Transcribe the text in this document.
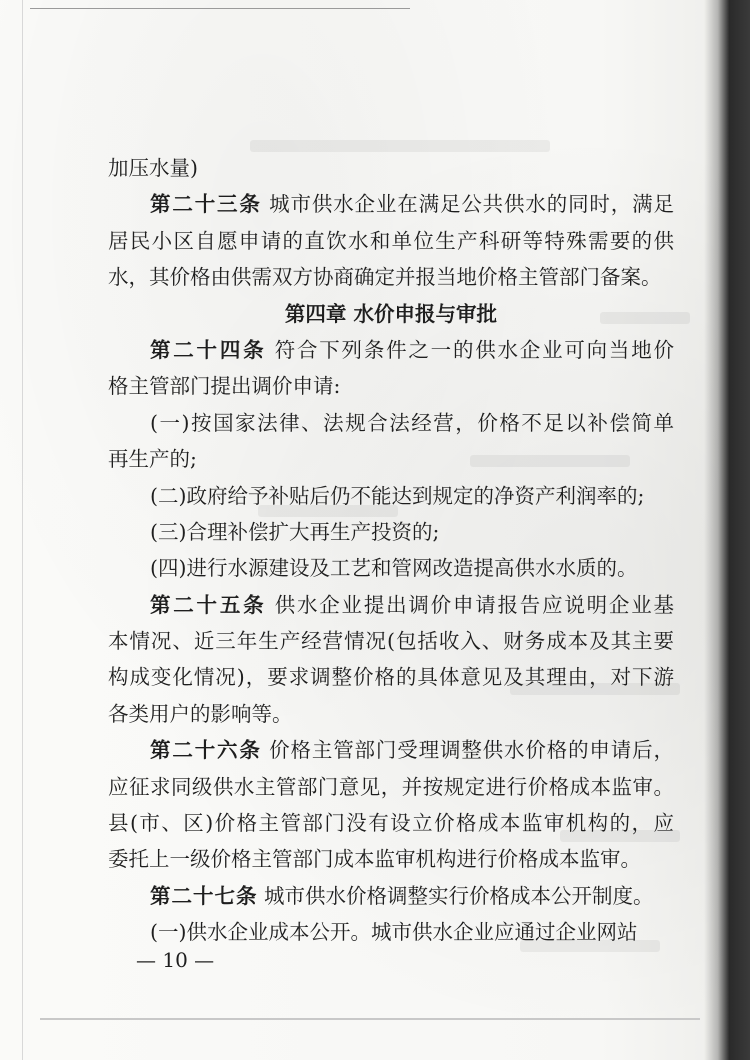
加压水量)
第二十三条 城市供水企业在满足公共供水的同时，满足
居民小区自愿申请的直饮水和单位生产科研等特殊需要的供
水，其价格由供需双方协商确定并报当地价格主管部门备案。
第四章 水价申报与审批
第二十四条 符合下列条件之一的供水企业可向当地价
格主管部门提出调价申请:
(一)按国家法律、法规合法经营，价格不足以补偿简单
再生产的;
(二)政府给予补贴后仍不能达到规定的净资产利润率的;
(三)合理补偿扩大再生产投资的;
(四)进行水源建设及工艺和管网改造提高供水水质的。
第二十五条 供水企业提出调价申请报告应说明企业基
本情况、近三年生产经营情况(包括收入、财务成本及其主要
构成变化情况)，要求调整价格的具体意见及其理由，对下游
各类用户的影响等。
第二十六条 价格主管部门受理调整供水价格的申请后，
应征求同级供水主管部门意见，并按规定进行价格成本监审。
县(市、区)价格主管部门没有设立价格成本监审机构的，应
委托上一级价格主管部门成本监审机构进行价格成本监审。
第二十七条 城市供水价格调整实行价格成本公开制度。
(一)供水企业成本公开。城市供水企业应通过企业网站
— 10 —
